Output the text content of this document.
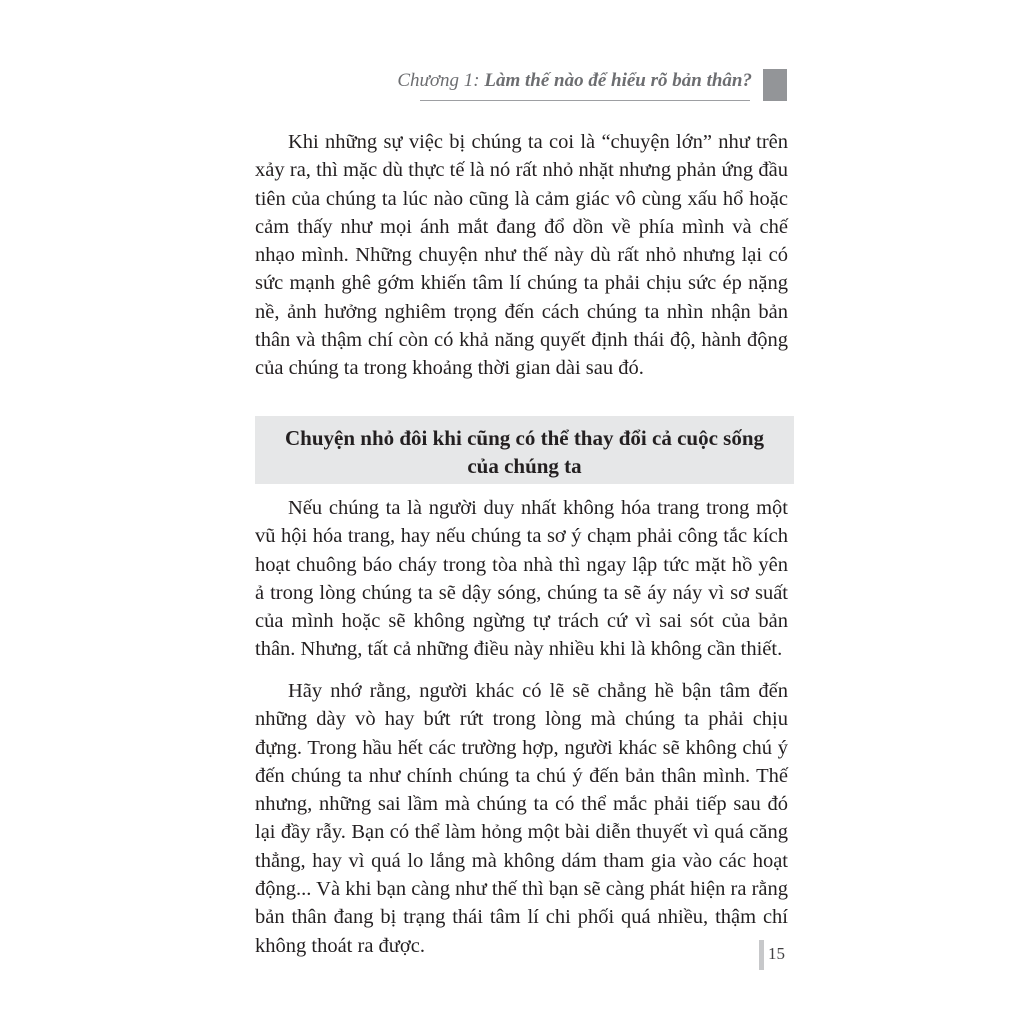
Chương 1: Làm thế nào để hiểu rõ bản thân?

Khi những sự việc bị chúng ta coi là “chuyện lớn” như trên xảy ra, thì mặc dù thực tế là nó rất nhỏ nhặt nhưng phản ứng đầu tiên của chúng ta lúc nào cũng là cảm giác vô cùng xấu hổ hoặc cảm thấy như mọi ánh mắt đang đổ dồn về phía mình và chế nhạo mình. Những chuyện như thế này dù rất nhỏ nhưng lại có sức mạnh ghê gớm khiến tâm lí chúng ta phải chịu sức ép nặng nề, ảnh hưởng nghiêm trọng đến cách chúng ta nhìn nhận bản thân và thậm chí còn có khả năng quyết định thái độ, hành động của chúng ta trong khoảng thời gian dài sau đó.

Chuyện nhỏ đôi khi cũng có thể thay đổi cả cuộc sống của chúng ta

Nếu chúng ta là người duy nhất không hóa trang trong một vũ hội hóa trang, hay nếu chúng ta sơ ý chạm phải công tắc kích hoạt chuông báo cháy trong tòa nhà thì ngay lập tức mặt hồ yên ả trong lòng chúng ta sẽ dậy sóng, chúng ta sẽ áy náy vì sơ suất của mình hoặc sẽ không ngừng tự trách cứ vì sai sót của bản thân. Nhưng, tất cả những điều này nhiều khi là không cần thiết.

Hãy nhớ rằng, người khác có lẽ sẽ chẳng hề bận tâm đến những dày vò hay bứt rứt trong lòng mà chúng ta phải chịu đựng. Trong hầu hết các trường hợp, người khác sẽ không chú ý đến chúng ta như chính chúng ta chú ý đến bản thân mình. Thế nhưng, những sai lầm mà chúng ta có thể mắc phải tiếp sau đó lại đầy rẫy. Bạn có thể làm hỏng một bài diễn thuyết vì quá căng thẳng, hay vì quá lo lắng mà không dám tham gia vào các hoạt động... Và khi bạn càng như thế thì bạn sẽ càng phát hiện ra rằng bản thân đang bị trạng thái tâm lí chi phối quá nhiều, thậm chí không thoát ra được.	15
